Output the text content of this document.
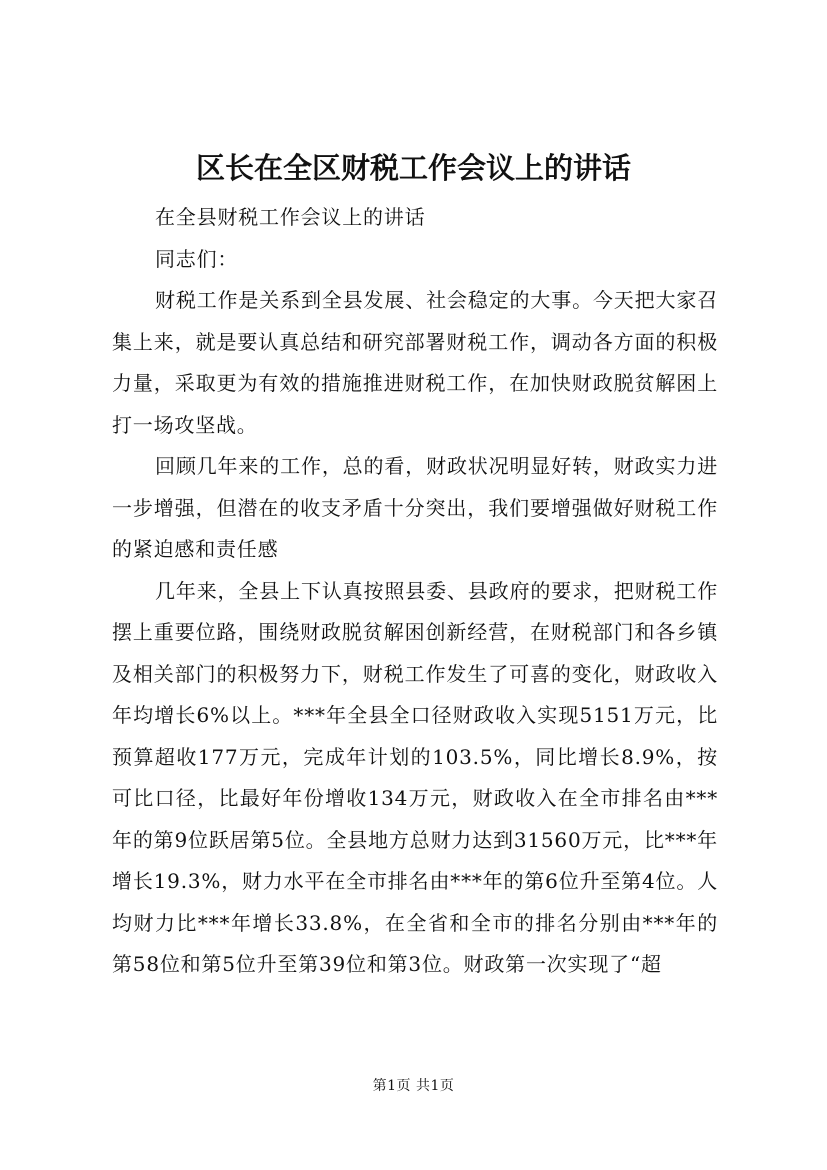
区长在全区财税工作会议上的讲话

在全县财税工作会议上的讲话

同志们：

财税工作是关系到全县发展、社会稳定的大事。今天把大家召集上来，就是要认真总结和研究部署财税工作，调动各方面的积极力量，采取更为有效的措施推进财税工作，在加快财政脱贫解困上打一场攻坚战。

回顾几年来的工作，总的看，财政状况明显好转，财政实力进一步增强，但潜在的收支矛盾十分突出，我们要增强做好财税工作的紧迫感和责任感

几年来，全县上下认真按照县委、县政府的要求，把财税工作摆上重要位路，围绕财政脱贫解困创新经营，在财税部门和各乡镇及相关部门的积极努力下，财税工作发生了可喜的变化，财政收入年均增长6%以上。***年全县全口径财政收入实现5151万元，比预算超收177万元，完成年计划的103.5%，同比增长8.9%，按可比口径，比最好年份增收134万元，财政收入在全市排名由***年的第9位跃居第5位。全县地方总财力达到31560万元，比***年增长19.3%，财力水平在全市排名由***年的第6位升至第4位。人均财力比***年增长33.8%，在全省和全市的排名分别由***年的第58位和第5位升至第39位和第3位。财政第一次实现了“超

第1页 共1页
